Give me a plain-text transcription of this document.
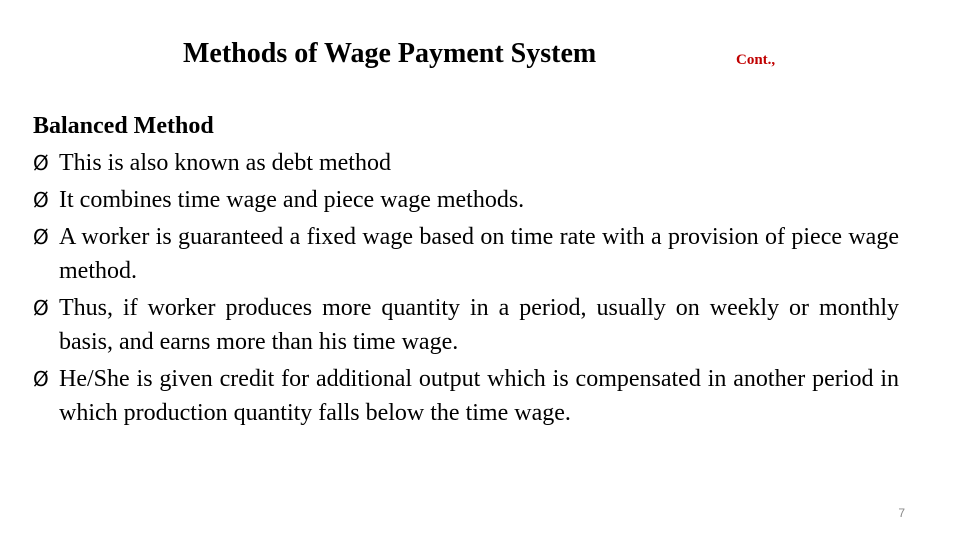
Methods of Wage Payment System	Cont.,
Balanced Method
Ø This is also known as debt method
Ø It combines time wage and piece wage methods.
Ø A worker is guaranteed a fixed wage based on time rate with a provision of piece wage method.
Ø Thus, if worker produces more quantity in a period, usually on weekly or monthly basis, and earns more than his time wage.
Ø He/She is given credit for additional output which is compensated in another period in which production quantity falls below the time wage.
7
